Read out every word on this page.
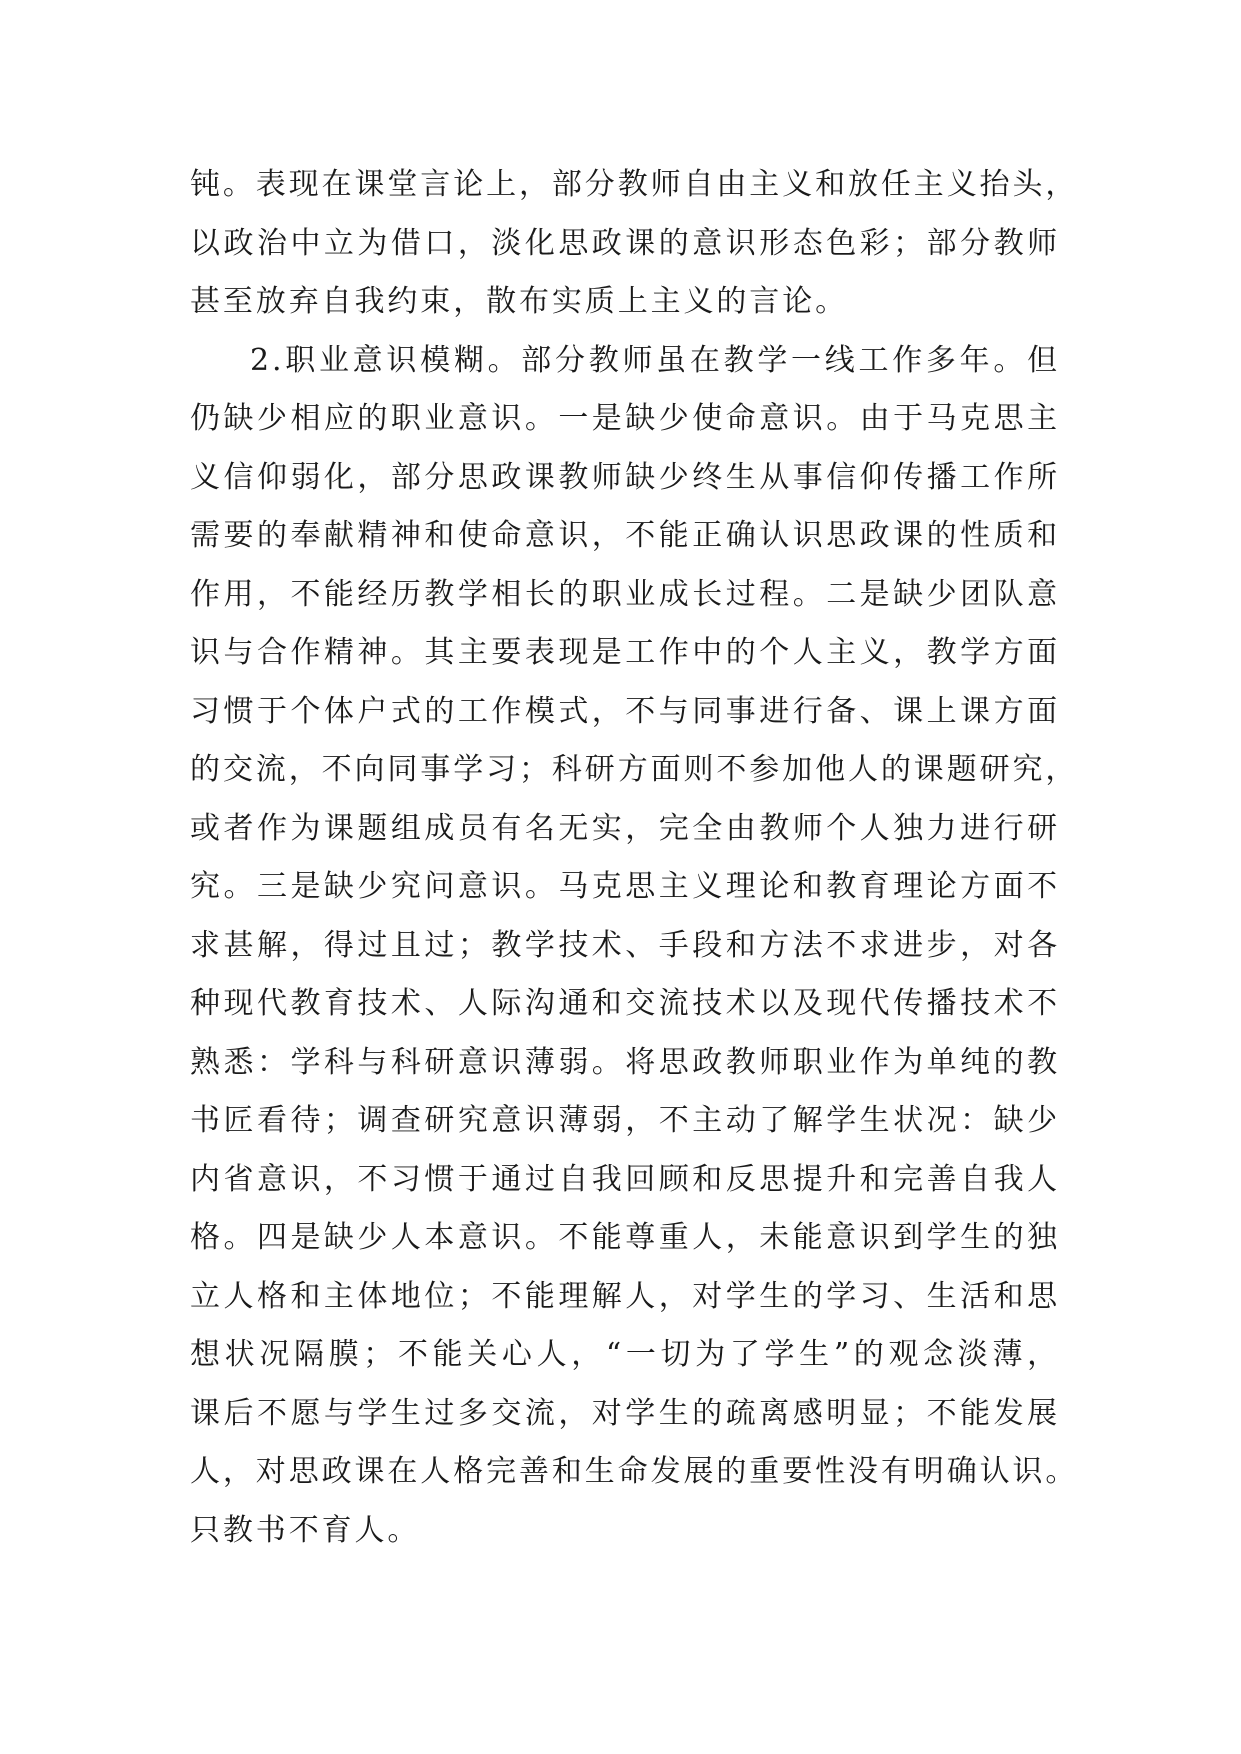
钝。表现在课堂言论上，部分教师自由主义和放任主义抬头，
以政治中立为借口，淡化思政课的意识形态色彩；部分教师
甚至放弃自我约束，散布实质上主义的言论。
2.职业意识模糊。部分教师虽在教学一线工作多年。但
仍缺少相应的职业意识。一是缺少使命意识。由于马克思主
义信仰弱化，部分思政课教师缺少终生从事信仰传播工作所
需要的奉献精神和使命意识，不能正确认识思政课的性质和
作用，不能经历教学相长的职业成长过程。二是缺少团队意
识与合作精神。其主要表现是工作中的个人主义，教学方面
习惯于个体户式的工作模式，不与同事进行备、课上课方面
的交流，不向同事学习；科研方面则不参加他人的课题研究，
或者作为课题组成员有名无实，完全由教师个人独力进行研
究。三是缺少究问意识。马克思主义理论和教育理论方面不
求甚解，得过且过；教学技术、手段和方法不求进步，对各
种现代教育技术、人际沟通和交流技术以及现代传播技术不
熟悉：学科与科研意识薄弱。将思政教师职业作为单纯的教
书匠看待；调查研究意识薄弱，不主动了解学生状况：缺少
内省意识，不习惯于通过自我回顾和反思提升和完善自我人
格。四是缺少人本意识。不能尊重人，未能意识到学生的独
立人格和主体地位；不能理解人，对学生的学习、生活和思
想状况隔膜；不能关心人，“一切为了学生”的观念淡薄，
课后不愿与学生过多交流，对学生的疏离感明显；不能发展
人，对思政课在人格完善和生命发展的重要性没有明确认识。
只教书不育人。
